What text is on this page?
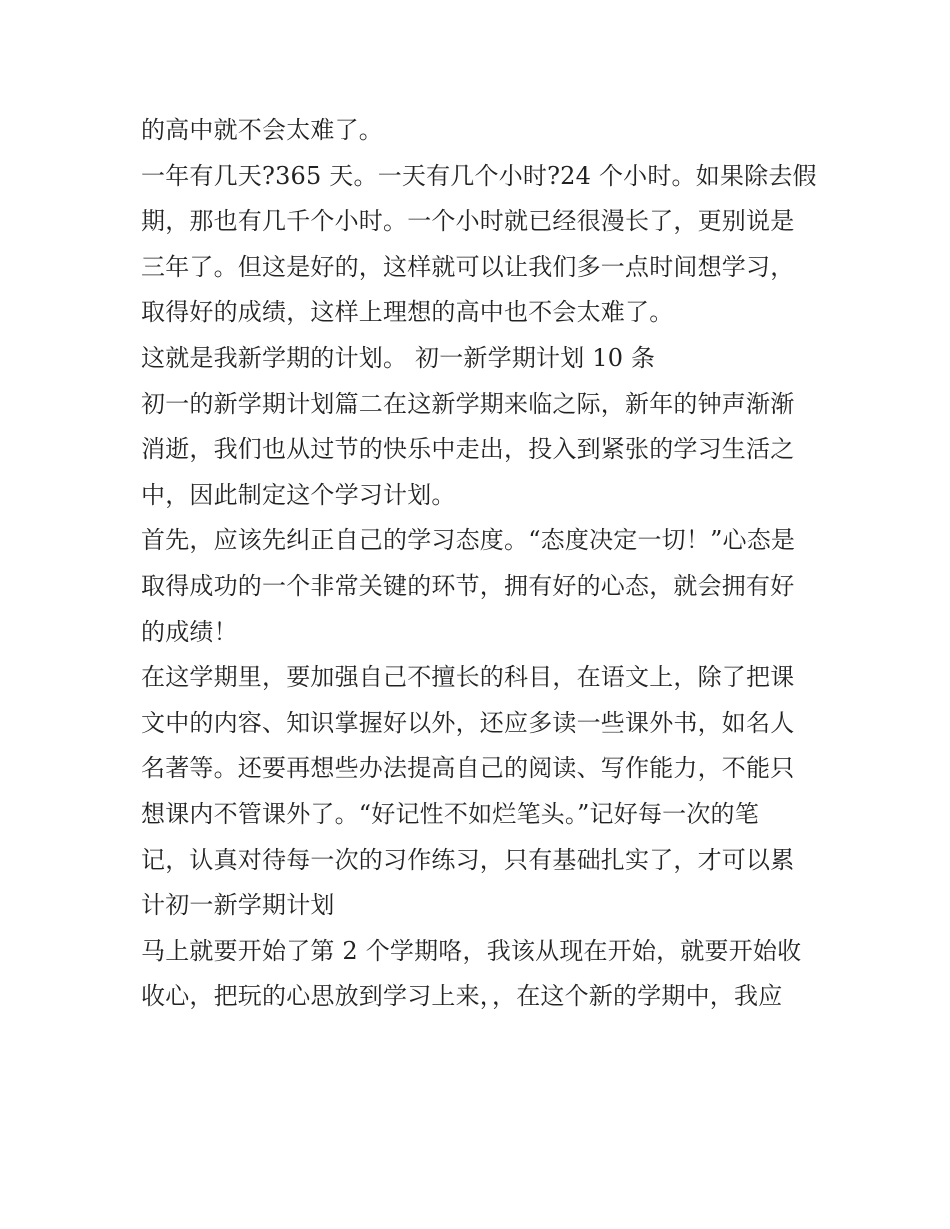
的高中就不会太难了。
一年有几天?365 天。一天有几个小时?24 个小时。如果除去假
期，那也有几千个小时。一个小时就已经很漫长了，更别说是
三年了。但这是好的，这样就可以让我们多一点时间想学习，
取得好的成绩，这样上理想的高中也不会太难了。
这就是我新学期的计划。 初一新学期计划 10 条
初一的新学期计划篇二在这新学期来临之际，新年的钟声渐渐
消逝，我们也从过节的快乐中走出，投入到紧张的学习生活之
中，因此制定这个学习计划。
首先，应该先纠正自己的学习态度。“态度决定一切！”心态是
取得成功的一个非常关键的环节，拥有好的心态，就会拥有好
的成绩！
在这学期里，要加强自己不擅长的科目，在语文上，除了把课
文中的内容、知识掌握好以外，还应多读一些课外书，如名人
名著等。还要再想些办法提高自己的阅读、写作能力，不能只
想课内不管课外了。“好记性不如烂笔头。”记好每一次的笔
记，认真对待每一次的习作练习，只有基础扎实了，才可以累
计初一新学期计划
马上就要开始了第 2 个学期咯，我该从现在开始，就要开始收
收心，把玩的心思放到学习上来，，在这个新的学期中，我应
